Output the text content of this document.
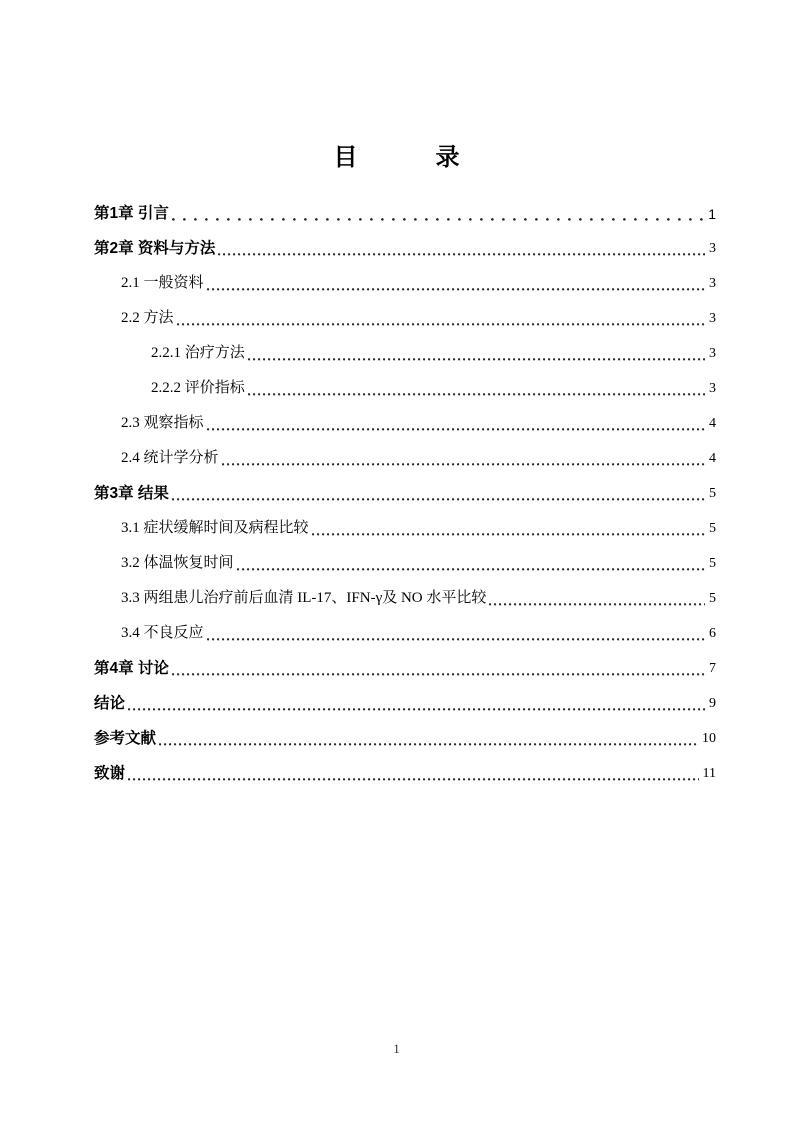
目录
第1章 引言	1
第2章 资料与方法	3
2.1 一般资料	3
2.2 方法	3
2.2.1 治疗方法	3
2.2.2 评价指标	3
2.3 观察指标	4
2.4 统计学分析	4
第3章 结果	5
3.1 症状缓解时间及病程比较	5
3.2 体温恢复时间	5
3.3 两组患儿治疗前后血清 IL-17、IFN-γ及 NO 水平比较	5
3.4 不良反应	6
第4章 讨论	7
结论	9
参考文献	10
致谢	11
1
